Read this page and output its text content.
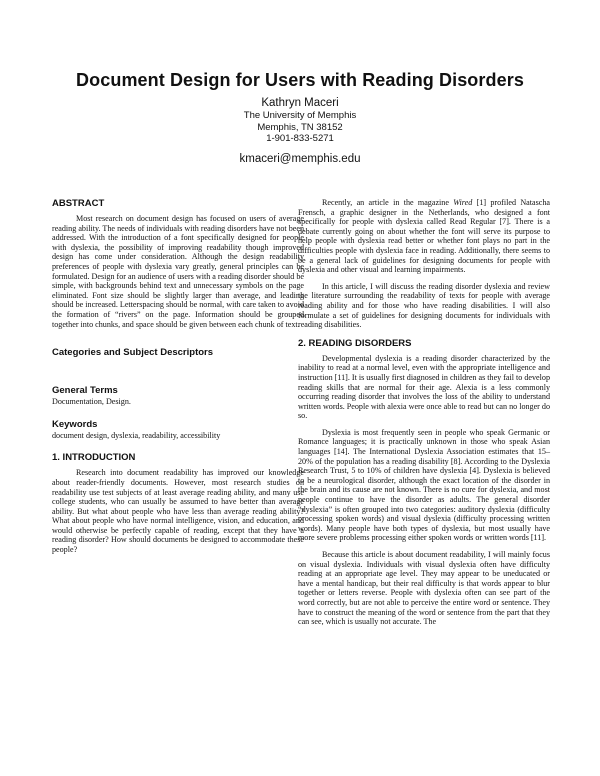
Document Design for Users with Reading Disorders
Kathryn Maceri
The University of Memphis
Memphis, TN 38152
1-901-833-5271
kmaceri@memphis.edu
ABSTRACT

Most research on document design has focused on users of average reading ability. The needs of individuals with reading disorders have not been addressed. With the introduction of a font specifically designed for people with dyslexia, the possibility of improving readability though improved design has come under consideration. Although the design readability preferences of people with dyslexia vary greatly, general principles can be formulated. Design for an audience of users with a reading disorder should be simple, with backgrounds behind text and unnecessary symbols on the page eliminated. Font size should be slightly larger than average, and leading should be increased. Letterspacing should be normal, with care taken to avoid the formation of “rivers” on the page. Information should be grouped together into chunks, and space should be given between each chunk of text.

Categories and Subject Descriptors
General Terms

Documentation, Design.

Keywords

document design, dyslexia, readability, accessibility

1. INTRODUCTION

Research into document readability has improved our knowledge about reader-friendly documents. However, most research studies on readability use test subjects of at least average reading ability, and many use college students, who can usually be assumed to have better than average ability. But what about people who have less than average reading ability? What about people who have normal intelligence, vision, and education, and would otherwise be perfectly capable of reading, except that they have a reading disorder? How should documents be designed to accommodate these people?

Recently, an article in the magazine Wired [1] profiled Natascha Frensch, a graphic designer in the Netherlands, who designed a font specifically for people with dyslexia called Read Regular [7]. There is a debate currently going on about whether the font will serve its purpose to help people with dyslexia read better or whether font plays no part in the difficulties people with dyslexia face in reading. Additionally, there seems to be a general lack of guidelines for designing documents for people with dyslexia and other visual and learning impairments.

In this article, I will discuss the reading disorder dyslexia and review the literature surrounding the readability of texts for people with average reading ability and for those who have reading disabilities. I will also formulate a set of guidelines for designing documents for individuals with reading disabilities.

2. READING DISORDERS

Developmental dyslexia is a reading disorder characterized by the inability to read at a normal level, even with the appropriate intelligence and instruction [11]. It is usually first diagnosed in children as they fail to develop reading skills that are normal for their age. Alexia is a less commonly occurring reading disorder that involves the loss of the ability to understand written words. People with alexia were once able to read but can no longer do so.

Dyslexia is most frequently seen in people who speak Germanic or Romance languages; it is practically unknown in those who speak Asian languages [14]. The International Dyslexia Association estimates that 15–20% of the population has a reading disability [8]. According to the Dyslexia Research Trust, 5 to 10% of children have dyslexia [4]. Dyslexia is believed to be a neurological disorder, although the exact location of the disorder in the brain and its cause are not known. There is no cure for dyslexia, and most people continue to have the disorder as adults. The general disorder “dyslexia” is often grouped into two categories: auditory dyslexia (difficulty processing spoken words) and visual dyslexia (difficulty processing written words). Many people have both types of dyslexia, but most usually have more severe problems processing either spoken words or written words [11].

Because this article is about document readability, I will mainly focus on visual dyslexia. Individuals with visual dyslexia often have difficulty reading at an appropriate age level. They may appear to be uneducated or have a mental handicap, but their real difficulty is that words appear to blur together or letters reverse. People with dyslexia often can see part of the word correctly, but are not able to perceive the entire word or sentence. They have to construct the meaning of the word or sentence from the part that they can see, which is usually not accurate. The
